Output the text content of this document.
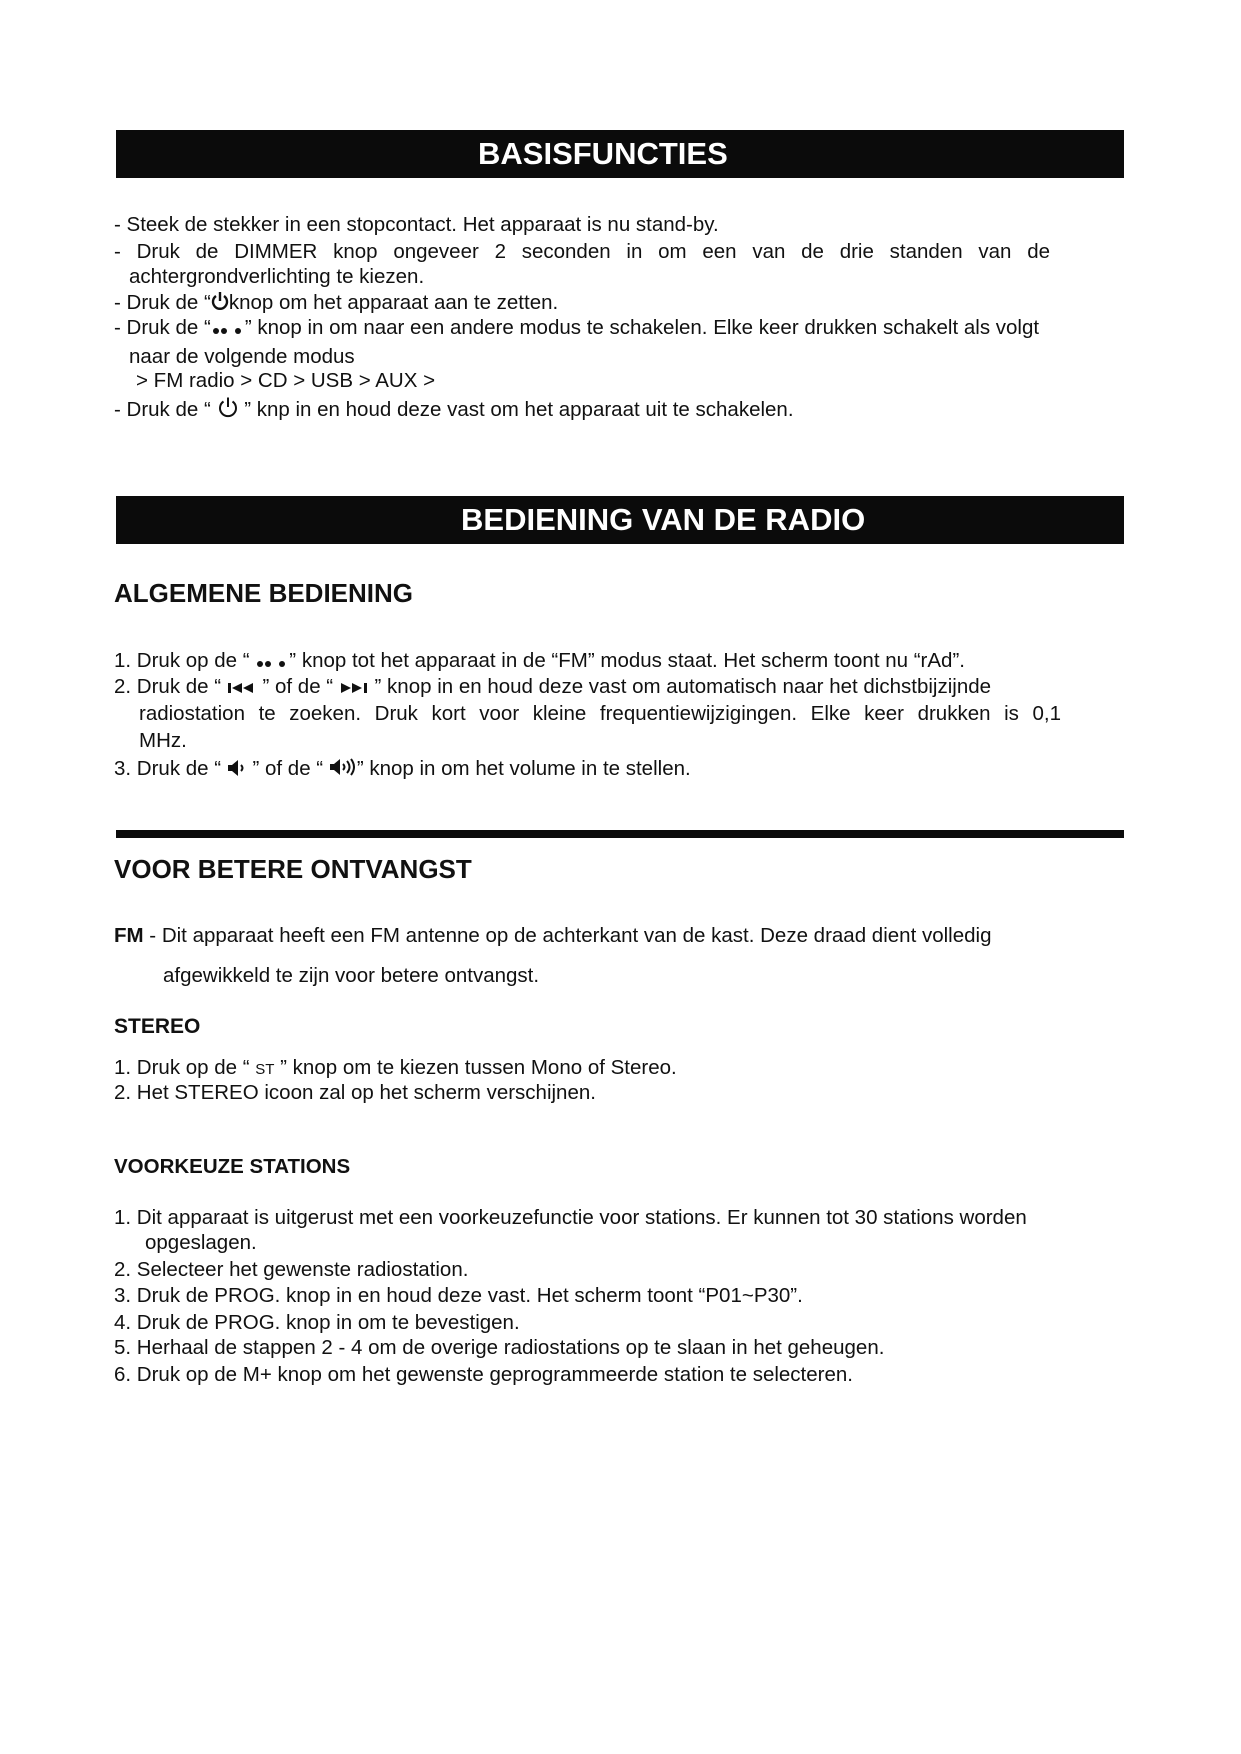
BASISFUNCTIES
- Steek de stekker in een stopcontact. Het apparaat is nu stand-by.
- Druk de DIMMER knop ongeveer 2 seconden in om een van de drie standen van de
achtergrondverlichting te kiezen.
- Druk de “ knop om het apparaat aan te zetten.
- Druk de “ ” knop in om naar een andere modus te schakelen. Elke keer drukken schakelt als volgt
naar de volgende modus
> FM radio > CD > USB > AUX >
- Druk de “  ” knp in en houd deze vast om het apparaat uit te schakelen.
BEDIENING VAN DE RADIO
ALGEMENE BEDIENING
1. Druk op de “ ” knop tot het apparaat in de “FM” modus staat. Het scherm toont nu “rAd”.
2. Druk de “  ” of de “  ” knop in en houd deze vast om automatisch naar het dichstbijzijnde
radiostation te zoeken. Druk kort voor kleine frequentiewijzigingen. Elke keer drukken is 0,1
MHz.
3. Druk de “  ” of de “ ” knop in om het volume in te stellen.
VOOR BETERE ONTVANGST
FM - Dit apparaat heeft een FM antenne op de achterkant van de kast. Deze draad dient volledig
afgewikkeld te zijn voor betere ontvangst.
STEREO
1. Druk op de “ ST ” knop om te kiezen tussen Mono of Stereo.
2. Het STEREO icoon zal op het scherm verschijnen.
VOORKEUZE STATIONS
1. Dit apparaat is uitgerust met een voorkeuzefunctie voor stations. Er kunnen tot 30 stations worden
opgeslagen.
2. Selecteer het gewenste radiostation.
3. Druk de PROG. knop in en houd deze vast. Het scherm toont “P01~P30”.
4. Druk de PROG. knop in om te bevestigen.
5. Herhaal de stappen 2 - 4 om de overige radiostations op te slaan in het geheugen.
6. Druk op de M+ knop om het gewenste geprogrammeerde station te selecteren.
